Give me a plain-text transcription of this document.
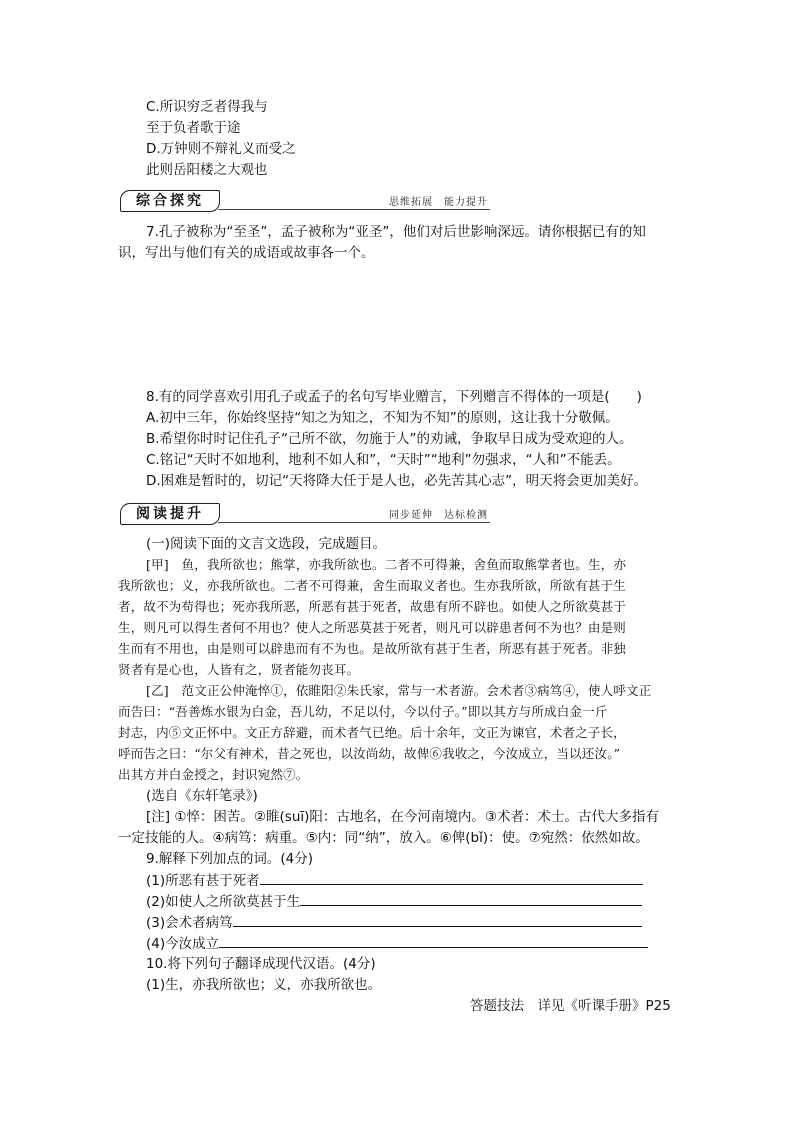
C.所识穷乏者得我与
至于负者歌于途
D.万钟则不辩礼义而受之
此则岳阳楼之大观也
综合探究	思维拓展　能力提升
7.孔子被称为“至圣”，孟子被称为“亚圣”，他们对后世影响深远。请你根据已有的知
识，写出与他们有关的成语或故事各一个。
8.有的同学喜欢引用孔子或孟子的名句写毕业赠言，下列赠言不得体的一项是(　　)
A.初中三年，你始终坚持“知之为知之，不知为不知”的原则，这让我十分敬佩。
B.希望你时时记住孔子“己所不欲，勿施于人”的劝诫，争取早日成为受欢迎的人。
C.铭记“天时不如地利，地利不如人和”，“天时”“地利”勿强求，“人和”不能丢。
D.困难是暂时的，切记“天将降大任于是人也，必先苦其心志”，明天将会更加美好。
阅读提升	同步延伸　达标检测
(一)阅读下面的文言文选段，完成题目。
[甲]　鱼，我所欲也；熊掌，亦我所欲也。二者不可得兼，舍鱼而取熊掌者也。生，亦
我所欲也；义，亦我所欲也。二者不可得兼，舍生而取义者也。生亦我所欲，所欲有甚于生
者，故不为苟得也；死亦我所恶，所恶有甚于死者，故患有所不辟也。如使人之所欲莫甚于
生，则凡可以得生者何不用也？使人之所恶莫甚于死者，则凡可以辟患者何不为也？由是则
生而有不用也，由是则可以辟患而有不为也。是故所欲有甚于生者，所恶有甚于死者。非独
贤者有是心也，人皆有之，贤者能勿丧耳。
[乙]　范文正公仲淹悴①，依睢阳②朱氏家，常与一术者游。会术者③病笃④，使人呼文正
而告曰：“吾善炼水银为白金，吾儿幼，不足以付，今以付子。”即以其方与所成白金一斤
封志，内⑤文正怀中。文正方辞避，而术者气已绝。后十余年，文正为谏官，术者之子长，
呼而告之曰：“尔父有神术，昔之死也，以汝尚幼，故俾⑥我收之，今汝成立，当以还汝。”
出其方并白金授之，封识宛然⑦。
(选自《东轩笔录》)
[注] ①悴：困苦。②睢(suī)阳：古地名，在今河南境内。③术者：术士。古代大多指有
一定技能的人。④病笃：病重。⑤内：同“纳”，放入。⑥俾(bǐ)：使。⑦宛然：依然如故。
9.解释下列加点的词。(4分)
(1)所恶有甚于死者
(2)如使人之所欲莫甚于生
(3)会术者病笃
(4)今汝成立
10.将下列句子翻译成现代汉语。(4分)
(1)生，亦我所欲也；义，亦我所欲也。
答题技法　详见《听课手册》P25
